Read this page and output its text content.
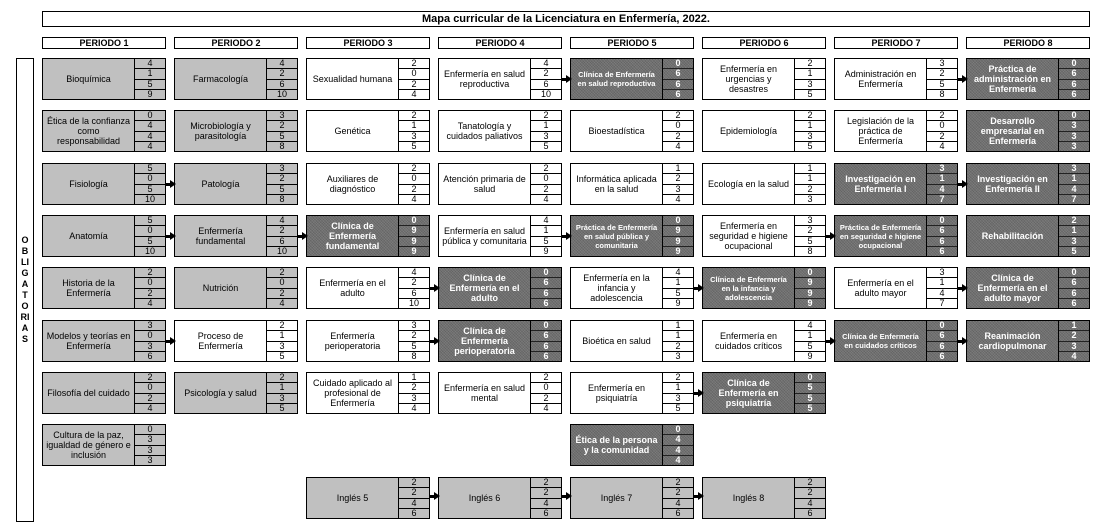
Mapa curricular de la Licenciatura en Enfermería, 2022.
PERIODO 1	PERIODO 2	PERIODO 3	PERIODO 4	PERIODO 5	PERIODO 6	PERIODO 7	PERIODO 8
OBLIGATORIAS
Bioquímica
4
1
5
9
Ética de la confianza como responsabilidad
0
4
4
4
Fisiología
5
0
5
10
Anatomía
5
0
5
10
Historia de la Enfermería
2
0
2
4
Modelos y teorías en Enfermería
3
0
3
6
Filosofía del cuidado
2
0
2
4
Cultura de la paz, igualdad de género e inclusión
0
3
3
3
Farmacología
4
2
6
10
Microbiología y parasitología
3
2
5
8
Patología
3
2
5
8
Enfermería fundamental
4
2
6
10
Nutrición
2
0
2
4
Proceso de Enfermería
2
1
3
5
Psicología y salud
2
1
3
5
Sexualidad humana
2
0
2
4
Genética
2
1
3
5
Auxiliares de diagnóstico
2
0
2
4
Clínica de Enfermería fundamental
0
9
9
9
Enfermería en el adulto
4
2
6
10
Enfermería perioperatoria
3
2
5
8
Cuidado aplicado al profesional de Enfermería
1
2
3
4
Inglés 5
2
2
4
6
Enfermería en salud reproductiva
4
2
6
10
Tanatología y cuidados paliativos
2
1
3
5
Atención primaria de salud
2
0
2
4
Enfermería en salud pública y comunitaria
4
1
5
9
Clínica de Enfermería en el adulto
0
6
6
6
Clínica de Enfermería perioperatoria
0
6
6
6
Enfermería en salud mental
2
0
2
4
Inglés 6
2
2
4
6
Clínica de Enfermería en salud reproductiva
0
6
6
6
Bioestadística
2
0
2
4
Informática aplicada en la salud
1
2
3
4
Práctica de Enfermería en salud pública y comunitaria
0
9
9
9
Enfermería en la infancia y adolescencia
4
1
5
9
Bioética en salud
1
1
2
3
Enfermería en psiquiatría
2
1
3
5
Ética de la persona y la comunidad
0
4
4
4
Inglés 7
2
2
4
6
Enfermería en urgencias y desastres
2
1
3
5
Epidemiología
2
1
3
5
Ecología en la salud
1
1
2
3
Enfermería en seguridad e higiene ocupacional
3
2
5
8
Clínica de Enfermería en la infancia y adolescencia
0
9
9
9
Enfermería en cuidados críticos
4
1
5
9
Clínica de Enfermería en psiquiatría
0
5
5
5
Inglés 8
2
2
4
6
Administración en Enfermería
3
2
5
8
Legislación de la práctica de Enfermería
2
0
2
4
Investigación en Enfermería I
3
1
4
7
Práctica de Enfermería en seguridad e higiene ocupacional
0
6
6
6
Enfermería en el adulto mayor
3
1
4
7
Clínica de Enfermería en cuidados críticos
0
6
6
6
Práctica de administración en Enfermería
0
6
6
6
Desarrollo empresarial en Enfermería
0
3
3
3
Investigación en Enfermería II
3
1
4
7
Rehabilitación
2
1
3
5
Clínica de Enfermería en el adulto mayor
0
6
6
6
Reanimación cardiopulmonar
1
2
3
4
